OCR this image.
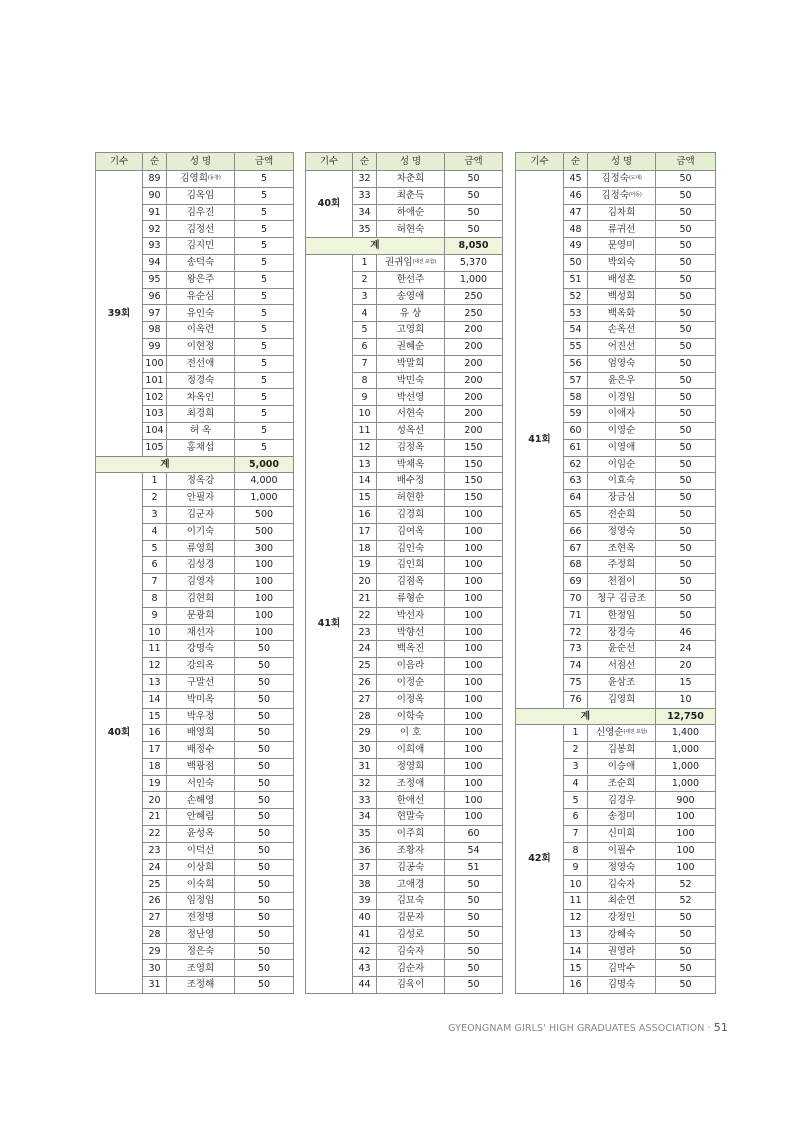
기수	순	성 명	금액
39회	89	김영희(동창)	5
	90	김옥임	5
	91	김우진	5
	92	김정선	5
	93	김지민	5
	94	송덕숙	5
	95	왕은주	5
	96	유순심	5
	97	유인숙	5
	98	이옥련	5
	99	이현정	5
	100	전선애	5
	101	정경숙	5
	102	차옥인	5
	103	최경희	5
	104	허 옥	5
	105	홍채섭	5
계			5,000
40회	1	정옥강	4,000
	2	안필자	1,000
	3	김군자	500
	4	이기숙	500
	5	류영희	300
	6	김성경	100
	7	김영자	100
	8	김현희	100
	9	문광희	100
	10	채선자	100
	11	강명숙	50
	12	강의옥	50
	13	구말선	50
	14	박미옥	50
	15	박우정	50
	16	배영희	50
	17	배정수	50
	18	백광점	50
	19	서인숙	50
	20	손해영	50
	21	안혜림	50
	22	윤성옥	50
	23	이덕선	50
	24	이상희	50
	25	이숙희	50
	26	임정임	50
	27	전정명	50
	28	정난영	50
	29	정은숙	50
	30	조영희	50
	31	조정해	50
기수	순	성 명	금액
40회	32	차춘희	50
	33	최춘득	50
	34	하애순	50
	35	허현숙	50
계			8,050
41회	1	권귀임(대전 포함)	5,370
	2	한선주	1,000
	3	송영애	250
	4	유 상	250
	5	고영희	200
	6	권혜순	200
	7	박말희	200
	8	박민숙	200
	9	박선영	200
	10	서현숙	200
	11	성옥선	200
	12	김정옥	150
	13	박채옥	150
	14	배수정	150
	15	허현한	150
	16	김경희	100
	17	김여옥	100
	18	김인숙	100
	19	김인희	100
	20	김점옥	100
	21	류형순	100
	22	박선자	100
	23	박향선	100
	24	백옥진	100
	25	이음라	100
	26	이정순	100
	27	이정옥	100
	28	이학숙	100
	29	이 호	100
	30	이희애	100
	31	정영희	100
	32	조정애	100
	33	한애선	100
	34	현말숙	100
	35	이주희	60
	36	조황자	54
	37	김공숙	51
	38	고애경	50
	39	김묘숙	50
	40	김문자	50
	41	김성로	50
	42	김숙자	50
	43	김순자	50
	44	김육이	50
기수	순	성 명	금액
41회	45	김정숙(도대)	50
	46	김정숙(마동)	50
	47	김차희	50
	48	류귀선	50
	49	문영미	50
	50	박외숙	50
	51	배성혼	50
	52	백성희	50
	53	백옥화	50
	54	손옥선	50
	55	어진선	50
	56	엄영숙	50
	57	윤은우	50
	58	이경임	50
	59	이애자	50
	60	이영순	50
	61	이영애	50
	62	이임순	50
	63	이효숙	50
	64	장금심	50
	65	전순희	50
	66	정영숙	50
	67	조현옥	50
	68	주정희	50
	69	천점이	50
	70	청구 김금조	50
	71	한정임	50
	72	장경숙	46
	73	윤순선	24
	74	서점선	20
	75	윤삼조	15
	76	김영희	10
계			12,750
42회	1	신영순(대전 포함)	1,400
	2	김봉희	1,000
	3	이승애	1,000
	4	조순희	1,000
	5	김경우	900
	6	송정미	100
	7	신미희	100
	8	이필수	100
	9	정영숙	100
	10	김숙자	52
	11	최순연	52
	12	강정인	50
	13	강혜숙	50
	14	권영라	50
	15	김막수	50
	16	김명숙	50
GYEONGNAM GIRLS' HIGH GRADUATES ASSOCIATION · 51
